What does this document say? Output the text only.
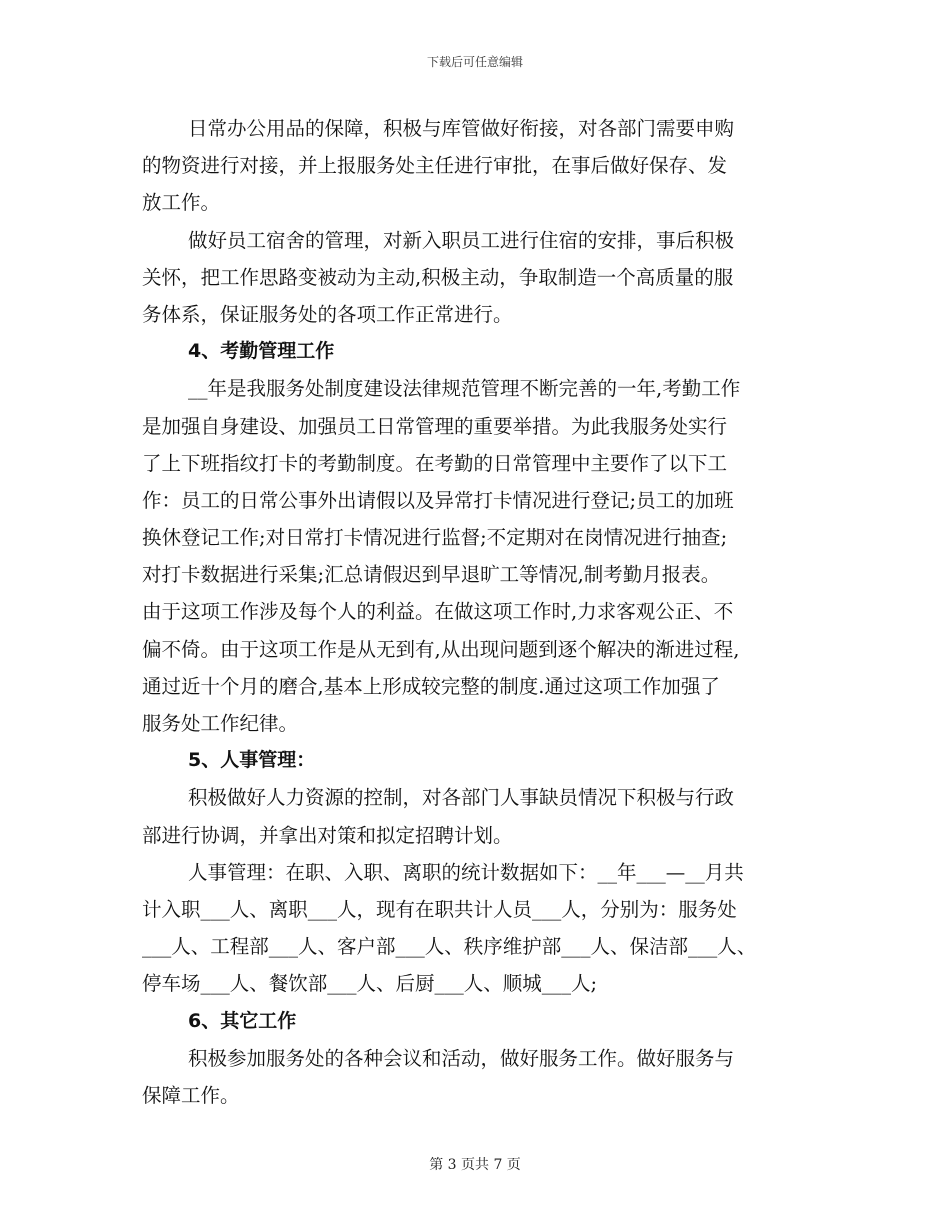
下载后可任意编辑
日常办公用品的保障，积极与库管做好衔接，对各部门需要申购
的物资进行对接，并上报服务处主任进行审批，在事后做好保存、发
放工作。
做好员工宿舍的管理，对新入职员工进行住宿的安排，事后积极
关怀，把工作思路变被动为主动,积极主动，争取制造一个高质量的服
务体系，保证服务处的各项工作正常进行。
4、考勤管理工作
__年是我服务处制度建设法律规范管理不断完善的一年,考勤工作
是加强自身建设、加强员工日常管理的重要举措。为此我服务处实行
了上下班指纹打卡的考勤制度。在考勤的日常管理中主要作了以下工
作：员工的日常公事外出请假以及异常打卡情况进行登记;员工的加班
换休登记工作;对日常打卡情况进行监督;不定期对在岗情况进行抽查;
对打卡数据进行采集;汇总请假迟到早退旷工等情况,制考勤月报表。
由于这项工作涉及每个人的利益。在做这项工作时,力求客观公正、不
偏不倚。由于这项工作是从无到有,从出现问题到逐个解决的渐进过程,
通过近十个月的磨合,基本上形成较完整的制度.通过这项工作加强了
服务处工作纪律。
5、人事管理：
积极做好人力资源的控制，对各部门人事缺员情况下积极与行政
部进行协调，并拿出对策和拟定招聘计划。
人事管理：在职、入职、离职的统计数据如下：__年___—__月共
计入职___人、离职___人，现有在职共计人员___人，分别为：服务处
___人、工程部___人、客户部___人、秩序维护部___人、保洁部___人、
停车场___人、餐饮部___人、后厨___人、顺城___人;
6、其它工作
积极参加服务处的各种会议和活动，做好服务工作。做好服务与
保障工作。
第 3 页共 7 页
